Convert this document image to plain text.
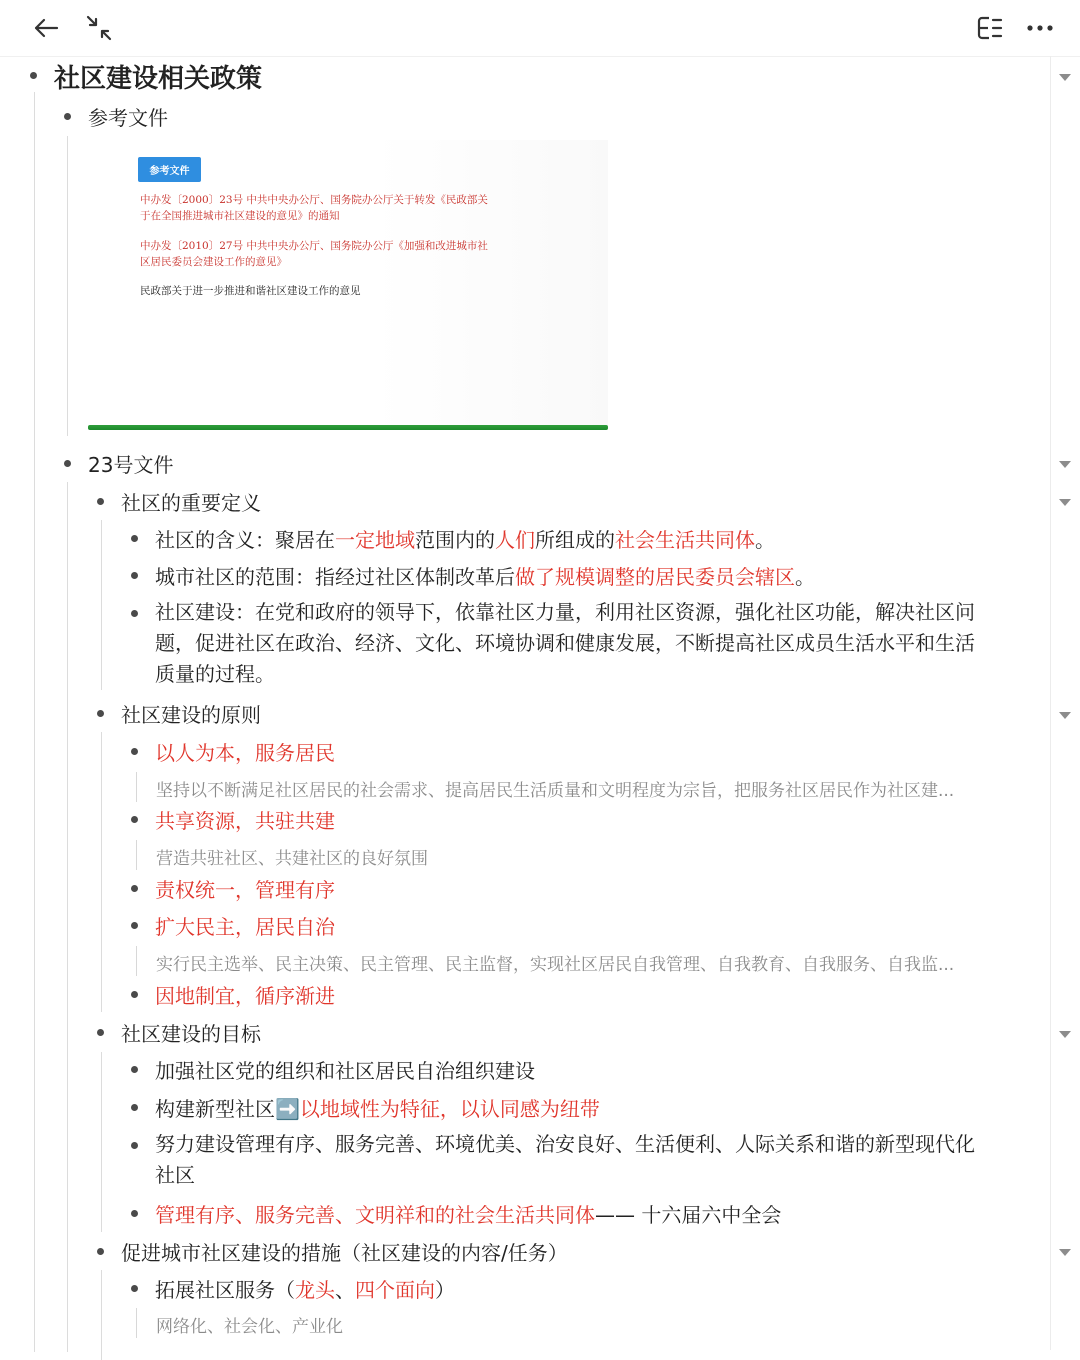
社区建设相关政策
参考文件
参考文件
中办发〔2000〕23号 中共中央办公厅、国务院办公厅关于转发《民政部关
于在全国推进城市社区建设的意见》的通知
中办发〔2010〕27号 中共中央办公厅、国务院办公厅《加强和改进城市社
区居民委员会建设工作的意见》
民政部关于进一步推进和谐社区建设工作的意见
23号文件
社区的重要定义
社区的含义：聚居在一定地域范围内的人们所组成的社会生活共同体。
城市社区的范围：指经过社区体制改革后做了规模调整的居民委员会辖区。
社区建设：在党和政府的领导下，依靠社区力量，利用社区资源，强化社区功能，解决社区问
题，促进社区在政治、经济、文化、环境协调和健康发展，不断提高社区成员生活水平和生活
质量的过程。
社区建设的原则
以人为本，服务居民
坚持以不断满足社区居民的社会需求、提高居民生活质量和文明程度为宗旨，把服务社区居民作为社区建...
共享资源，共驻共建
营造共驻社区、共建社区的良好氛围
责权统一，管理有序
扩大民主，居民自治
实行民主选举、民主决策、民主管理、民主监督，实现社区居民自我管理、自我教育、自我服务、自我监...
因地制宜，循序渐进
社区建设的目标
加强社区党的组织和社区居民自治组织建设
构建新型社区➡️以地域性为特征，以认同感为纽带
努力建设管理有序、服务完善、环境优美、治安良好、生活便利、人际关系和谐的新型现代化
社区
管理有序、服务完善、文明祥和的社会生活共同体—— 十六届六中全会
促进城市社区建设的措施（社区建设的内容/任务）
拓展社区服务（龙头、四个面向）
网络化、社会化、产业化
